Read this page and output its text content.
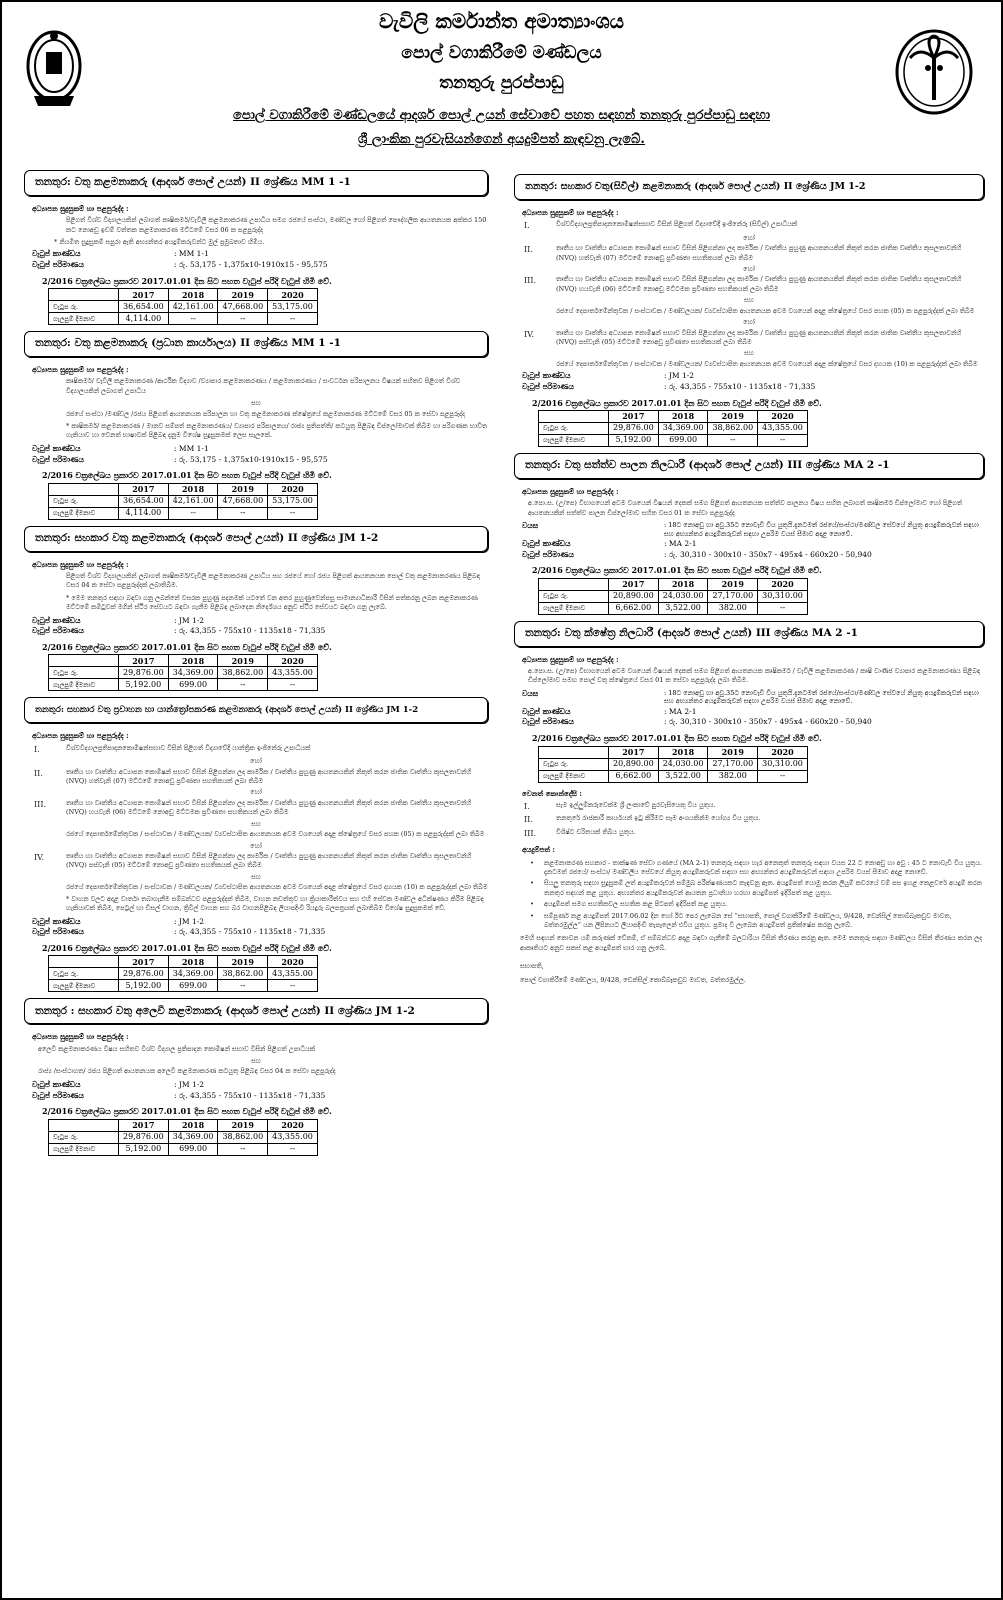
වැවිලි කර්මාන්ත අමාත්‍යාංශය
පොල් වගාකිරීමේ මණ්ඩලය
තනතුරු පුරප්පාඩු
පොල් වගාකිරීමේ මණ්ඩලයේ ආදර්ශ පොල් උයන් සේවාවේ පහත සඳහන් තනතුරු පුරප්පාඩු සඳහා
ශ්‍රී ලාංකික පුරවැසියන්ගෙන් අයදුම්පත් කැඳවනු ලැබේ.
තනතුර: වතු කළමනාකරු (ආදර්ශ පොල් උයන්) II ශ්‍රේණිය MM 1 -1
අධ්‍යාපන සුදුසුකම් හා පළපුරුද්ද :
පිළිගත් විශ්ව විද්‍යාලයකින් ලබාගත් කෘෂිකර්ම/වැවිලි කළමනාකරණ උපාධිය සමග රජයේ සංස්ථා, මණ්ඩල හෝ පිළිගත් පෞද්ගලික ආයතනයක අක්කර 150 කට නොඅඩු ඉඩම් වත්තක කළමනාකරණ මට්ටමේ වසර 06 ක පළපුරුද්ද
* නියමිත සුදුසුකම් සපුරා ඇති අභ්‍යන්තර අයදුම්කරුවන්ට මුල් ප්‍රමුඛතාව හිමිය.
වැටුප් කාණ්ඩය	: MM 1-1
වැටුප් පරිමාණය	: රු. 53,175 - 1,375x10-1910x15 - 95,575
2/2016 චක්‍රලේඛය ප්‍රකාරව 2017.01.01 දින සිට පහත වැටුප් පරිදි වැටුප් හිමි වේ.
	2017	2018	2019	2020
වැටුප රු.	36,654.00	42,161.00	47,668.00	53,175.00
ගැලපුම් දීමනාව	4,114.00	--	--	--
තනතුර: වතු කළමනාකරු (ප්‍රධාන කාර්යාලය) II ශ්‍රේණිය MM 1 -1
අධ්‍යාපන සුදුසුකම් හා පළපුරුද්ද :
කෘෂිකර්ම/ වැවිලි කළමනාකරණ /ආර්ථික විද්‍යාව /ව්‍යාපාර කළමනාකරණය / කළමනාකරණය / සංවර්ධන පරිපාලනය විෂයක් සහිතව පිළිගත් විශ්ව විද්‍යාලයකින් ලබාගත් උපාධිය
සහ
රජයේ සංස්ථා /මණ්ඩල /රජය පිළිගත් ආයතනයක පරිපාලන හා වතු කළමනාකරණ ක්ෂේත්‍රයේ කළමනාකරණ මට්ටමේ වසර 05 ක සේවා පළපුරුද්ද
* කෘෂිකර්ම/ කළමනාකරණ / මානව සම්පත් කළමනාකරණය/ ව්‍යාපාර පරිපාලනය/ රාජ්‍ය ප්‍රතිපත්ති/ කටයුතු පිළිබඳ ඩිප්ලෝමාවක් තිබීම හා පරිගණක භාවිත හැකියාව හා වෙනත් භාෂාවක් පිළිබඳ දැනුම විශේෂ සුදුසුකමක් ලෙස සැලකේ.
වැටුප් කාණ්ඩය	: MM 1-1
වැටුප් පරිමාණය	: රු. 53,175 - 1,375x10-1910x15 - 95,575
2/2016 චක්‍රලේඛය ප්‍රකාරව 2017.01.01 දින සිට පහත වැටුප් පරිදි වැටුප් හිමි වේ.
	2017	2018	2019	2020
වැටුප රු.	36,654.00	42,161.00	47,668.00	53,175.00
ගැලපුම් දීමනාව	4,114.00	--	--	--
තනතුර: සහකාර වතු කළමනාකරු (ආදර්ශ පොල් උයන්) II ශ්‍රේණිය JM 1-2
අධ්‍යාපන සුදුසුකම් හා පළපුරුද්ද :
පිළිගත් විශ්ව විද්‍යාලයකින් ලබාගත් කෘෂිකර්ම/වැවිලි කළමනාකරණ උපාධිය සහ රජයේ හෝ රජය පිළිගත් ආයතනයක පොල් වතු කළමනාකරණය පිළිබඳ වසර 04 ක සේවා පළපුරුද්දක් ලබාතිබීම.
* මෙම තනතුර සඳහා බඳවා ගනු ලබන්නේ වසරක පුහුණු පදනමක් යටතේ වන අතර පුහුණුවෙන්පසු සාමාන්‍යාධිකාරී විසින් පත්කරනු ලබන කළමනාකරණ මට්ටමේ කමිටුවක් මගින් ස්ථිර සේවයට බඳවා ගැනීම පිළිබඳ ලබාදෙන නිර්දේශය අනුව ස්ථිර සේවයට බඳවා ගනු ලැබේ.
වැටුප් කාණ්ඩය	: JM 1-2
වැටුප් පරිමාණය	: රු. 43,355 - 755x10 - 1135x18 - 71,335
2/2016 චක්‍රලේඛය ප්‍රකාරව 2017.01.01 දින සිට පහත වැටුප් පරිදි වැටුප් හිමි වේ.
	2017	2018	2019	2020
වැටුප රු.	29,876.00	34,369.00	38,862.00	43,355.00
ගැලපුම් දීමනාව	5,192.00	699.00	--	--
තනතුර: සහකාර වතු ප්‍රවාහන හා යාන්ත්‍රෝපකරණ කළමනාකරු (ආදර්ශ පොල් උයන්) II ශ්‍රේණිය JM 1-2
අධ්‍යාපන සුදුසුකම් හා පළපුරුද්ද :
I.	විශ්වවිද්‍යාලප්‍රතිපාදනකොමිෂන්සභාව විසින් පිළිගත් විද්‍යාවේදී යාන්ත්‍රික ඉංජිනේරු උපාධියක්
හෝ
II.	තෘතීය හා වෘත්තීය අධ්‍යාපන කොමිෂන් සභාව විසින් පිළිගන්නා ලද කාර්මික / වෘත්තීය පුහුණු ආයතනයකින් නිකුත් කරන ජාතික වෘත්තීය කුසලතාවන්හි (NVQ) හත්වැනි (07) මට්ටමේ නොඅඩු ප්‍රවීණතා සහතිකයක් ලබා තිබීම
හෝ
III.	තෘතීය හා වෘත්තීය අධ්‍යාපන කොමිෂන් සභාව විසින් පිළිගන්නා ලද කාර්මික / වෘත්තීය පුහුණු ආයතනයකින් නිකුත් කරන ජාතික වෘත්තීය කුසලතාවන්හි (NVQ) හයවැනි (06) මට්ටමේ නොඅඩු මට්ටමක ප්‍රවීණතා සහතිකයක් ලබා තිබීම
සහ
රජයේ දෙපාර්තමේන්තුවක / සංස්ථාවක / මණ්ඩලයක/ ව්‍යවස්ථාපිත ආයතනයක අවම වශයෙන් අදාළ ක්ෂේත්‍රයේ වසර පහක (05) ක පළපුරුද්දක් ලබා තිබීම
හෝ
IV.	තෘතීය හා වෘත්තීය අධ්‍යාපන කොමිෂන් සභාව විසින් පිළිගන්නා ලද කාර්මික / වෘත්තීය පුහුණු ආයතනයකින් නිකුත් කරන ජාතික වෘත්තීය කුසලතාවන්හි (NVQ) පස්වැනි (05) මට්ටමේ නොඅඩු ප්‍රවීණතා සහතිකයක් ලබා තිබීම
සහ
රජයේ දෙපාර්තමේන්තුවක / සංස්ථාවක / මණ්ඩලයක/ ව්‍යවස්ථාපිත ආයතනයක අවම වශයෙන් අදාළ ක්ෂේත්‍රයේ වසර දහයක (10) ක පළපුරුද්දක් ලබා තිබීම
* වාහන වලට අදාළ වාර්තා තබාගැනීම සම්බන්ධව පළපුරුද්දක් තිබීම, වාහන නඩත්තුව හා ක්‍රියාකාරීත්වය සහ එහි සේවක මණ්ඩල අධීක්ෂණය කිරීම පිළිබඳ හැකියාවක් තිබීම, පෙට්‍රල් හා ඩීසල් වාහන, ත්‍රිවිල් වාහන සහ බර වාහනපිළිබඳ ලියාපදිංචි රියදුරු බලපත්‍රයක් ලබාතිබීම විශේෂ සුදුසුකමක් වේ.
වැටුප් කාණ්ඩය	: JM 1-2
වැටුප් පරිමාණය	: රු. 43,355 - 755x10 - 1135x18 - 71,335
2/2016 චක්‍රලේඛය ප්‍රකාරව 2017.01.01 දින සිට පහත වැටුප් පරිදි වැටුප් හිමි වේ.
	2017	2018	2019	2020
වැටුප රු.	29,876.00	34,369.00	38,862.00	43,355.00
ගැලපුම් දීමනාව	5,192.00	699.00	--	--
තනතුර : සහකාර වතු අලෙවි කළමනාකරු (ආදර්ශ පොල් උයන්) II ශ්‍රේණිය JM 1-2
අධ්‍යාපන සුදුසුකම් හා පළපුරුද්ද :
අලෙවි කළමනාකරණය විෂය සහිතව විශ්ව විද්‍යාල ප්‍රතිපාදන කොමිෂන් සභාව විසින් පිළිගත් උපාධියක්
සහ
රාජ්‍ය /සංස්ථාගත/ රජය පිළිගත් ආයතනයක අලෙවි කළමනාකරණ කටයුතු පිළිබඳ වසර 04 ක සේවා පළපුරුද්ද
වැටුප් කාණ්ඩය	: JM 1-2
වැටුප් පරිමාණය	: රු. 43,355 - 755x10 - 1135x18 - 71,335
2/2016 චක්‍රලේඛය ප්‍රකාරව 2017.01.01 දින සිට පහත වැටුප් පරිදි වැටුප් හිමි වේ.
	2017	2018	2019	2020
වැටුප රු.	29,876.00	34,369.00	38,862.00	43,355.00
ගැලපුම් දීමනාව	5,192.00	699.00	--	--
තනතුර: සහකාර වතු(සිවිල්) කළමනාකරු (ආදර්ශ පොල් උයන්) II ශ්‍රේණිය JM 1-2
අධ්‍යාපන සුදුසුකම් හා පළපුරුද්ද :
I.	විශ්වවිද්‍යාලප්‍රතිපාදනකොමිෂන්සභාව විසින් පිළිගත් විද්‍යාවේදී ඉංජිනේරු (සිවිල්) උපාධියක්
හෝ
II.	තෘතීය හා වෘත්තීය අධ්‍යාපන කොමිෂන් සභාව විසින් පිළිගන්නා ලද කාර්මික / වෘත්තීය පුහුණු ආයතනයකින් නිකුත් කරන ජාතික වෘත්තීය කුසලතාවන්හි (NVQ) හත්වැනි (07) මට්ටමේ නොඅඩු ප්‍රවීණතා සහතිකයක් ලබා තිබීම
හෝ
III.	තෘතීය හා වෘත්තීය අධ්‍යාපන කොමිෂන් සභාව විසින් පිළිගන්නා ලද කාර්මික / වෘත්තීය පුහුණු ආයතනයකින් නිකුත් කරන ජාතික වෘත්තීය කුසලතාවන්හි (NVQ) හයවැනි (06) මට්ටමේ නොඅඩු මට්ටමක ප්‍රවීණතා සහතිකයක් ලබා තිබීම
සහ
රජයේ දෙපාර්තමේන්තුවක / සංස්ථාවක / මණ්ඩලයක/ ව්‍යවස්ථාපිත ආයතනයක අවම වශයෙන් අදාළ ක්ෂේත්‍රයේ වසර පහක (05) ක පළපුරුද්දක් ලබා තිබීම
හෝ
IV.	තෘතීය හා වෘත්තීය අධ්‍යාපන කොමිෂන් සභාව විසින් පිළිගන්නා ලද කාර්මික / වෘත්තීය පුහුණු ආයතනයකින් නිකුත් කරන ජාතික වෘත්තීය කුසලතාවන්හි (NVQ) පස්වැනි (05) මට්ටමේ නොඅඩු ප්‍රවීණතා සහතිකයක් ලබා තිබීම
සහ
රජයේ දෙපාර්තමේන්තුවක / සංස්ථාවක / මණ්ඩලයක/ ව්‍යවස්ථාපිත ආයතනයක අවම වශයෙන් අදාළ ක්ෂේත්‍රයේ වසර දහයක (10) ක පළපුරුද්දක් ලබා තිබීම
වැටුප් කාණ්ඩය	: JM 1-2
වැටුප් පරිමාණය	: රු. 43,355 - 755x10 - 1135x18 - 71,335
2/2016 චක්‍රලේඛය ප්‍රකාරව 2017.01.01 දින සිට පහත වැටුප් පරිදි වැටුප් හිමි වේ.
	2017	2018	2019	2020
වැටුප රු.	29,876.00	34,369.00	38,862.00	43,355.00
ගැලපුම් දීමනාව	5,192.00	699.00	--	--
තනතුර: වතු සත්ත්ව පාලන නිලධාරී (ආදර්ශ පොල් උයන්) III ශ්‍රේණිය MA 2 -1
අධ්‍යාපන සුදුසුකම් හා පළපුරුද්ද :
අ.පො.ස. (උ/පෙ) විභාගයෙන් අවම වශයෙන් විෂයන් දෙකක් සමග පිළිගත් ආයතනයක සත්ත්ව පාලනය විෂය සහිත ලබාගත් කෘෂිකර්ම ඩිප්ලෝමාව හෝ පිළිගත් ආයතනයකින් සත්ත්ව පාලන ඩිප්ලෝමාව සහිත වසර 01 ක සේවා පළපුරුද්ද
වයස	: 18ට නොඅඩු හා අවු.35ට නොවැඩි විය යුතුයි.දැනටමත් රජයේ/සංස්ථා/මණ්ඩල සේවයේ නියුතු අයදුම්කරුවන් සඳහා සහ අභ්‍යන්තර අයදුම්කරුවන් සඳහා උපරිම වයස් සීමාව අදාළ නොවේ.
වැටුප් කාණ්ඩය	: MA 2-1
වැටුප් පරිමාණය	: රු. 30,310 - 300x10 - 350x7 - 495x4 - 660x20 - 50,940
2/2016 චක්‍රලේඛය ප්‍රකාරව 2017.01.01 දින සිට පහත වැටුප් පරිදි වැටුප් හිමි වේ.
	2017	2018	2019	2020
වැටුප රු.	20,890.00	24,030.00	27,170.00	30,310.00
ගැලපුම් දීමනාව	6,662.00	3,522.00	382.00	--
තනතුර: වතු ක්ෂේත්‍ර නිලධාරී (ආදර්ශ පොල් උයන්) III ශ්‍රේණිය MA 2 -1
අධ්‍යාපන සුදුසුකම් හා පළපුරුද්ද :
අ.පො.ස. (උ/පෙ) විභාගයෙන් අවම වශයෙන් විෂයන් දෙකක් සමග පිළිගත් ආයතනයක කෘෂිකර්ම / වැවිලි කළමනාකරණ / කෘෂි වාණිජ ව්‍යාපාර කළමනාකරණය පිළිබඳ ඩිප්ලෝමාව සමඟ පොල් වතු ක්ෂේත්‍රයේ වසර 01 ක සේවා පළපුරුද්ද ලබා තිබීම.
වයස	: 18ට නොඅඩු හා අවු.35ට නොවැඩි විය යුතුයි.දැනටමත් රජයේ/සංස්ථා/මණ්ඩල සේවයේ නියුතු අයදුම්කරුවන් සඳහා සහ අභ්‍යන්තර අයදුම්කරුවන් සඳහා උපරිම වයස් සීමාව අදාළ නොවේ.
වැටුප් කාණ්ඩය	: MA 2-1
වැටුප් පරිමාණය	: රු. 30,310 - 300x10 - 350x7 - 495x4 - 660x20 - 50,940
2/2016 චක්‍රලේඛය ප්‍රකාරව 2017.01.01 දින සිට පහත වැටුප් පරිදි වැටුප් හිමි වේ.
	2017	2018	2019	2020
වැටුප රු.	20,890.00	24,030.00	27,170.00	30,310.00
ගැලපුම් දීමනාව	6,662.00	3,522.00	382.00	--
වෙනත් කොන්දේසි :
I.	සැම ඉල්ලුම්කරුවෙක්ම ශ්‍රී ලංකාවේ පුරවැසියෙකු විය යුතුය.
II.	තනතුරේ රාජකාරී කාර්යයන් ඉටු කිරීමට සෑම අංශයකින්ම යෝග්‍ය විය යුතුය.
III.	විශිෂ්ට චරිතයක් තිබිය යුතුය.
අයදුම්පත් :
•	කළමනාකරණ සහකාර - තාක්ෂණ සේවා ගණයේ (MA 2-1) තනතුරු සඳහා හැර අනෙකුත් තනතුරු සඳහා වයස 22 ට නොඅඩු හා අවු : 45 ට නොවැඩි විය යුතුය. දැනටමත් රජයේ/ සංස්ථා/ මණ්ඩලීය සේවයේ නියුතු අයදුම්කරුවන් සඳහා සහ අභ්‍යන්තර අයදුම්කරුවන් සඳහා උපරිම වයස් සීමාව අදාළ නොවේ.
•	සියලු තනතුරු සඳහා සුදුසුකම් ලත් අයදුම්කරුවන් සම්මුඛ පරීක්ෂණයකට කැඳවනු ඇත. අයදුම්පත් යොමු කරන ලියුම් කවරයේ වම් පස ඉහළ කෙළවරේ අයදුම් කරන තනතුර සඳහන් කළ යුතුය. අභ්‍යන්තර අයදුම්කරුවන් ආයතන ප්‍රධානියා හරහා අයදුම්පත් ඉදිරිපත් කළ යුතුය.
•	අයදුම්පත් සමග සහතිකවල සහතික කළ පිටපත් ඉදිරිපත් කළ යුතුය.
•	සම්පූර්ණ කළ අයදුම්පත් 2017.06.02 දින හෝ ඊට පෙර ලැබෙන සේ “සභාපති, පොල් වගාකිරීමේ මණ්ඩලය, 9/428, ඩෙන්සිල් කොබ්බෑකඩුව මාවත, බත්තරමුල්ල” යන ලිපිනයට ලියාපදිංචි තැපෑලෙන් එවිය යුතුය. ප්‍රමාද වී ලැබෙන අයදුම්පත් ප්‍රතික්ෂේප කරනු ලැබේ.
මෙහි සඳහන් නොවන යම් කරුණක් වේනම්, ඒ සම්බන්ධව අදාළ බඳවා ගැනීමේ බලධාරියා විසින් තීරණය කරනු ඇත. මෙම තනතුරු සඳහා මණ්ඩලය විසින් තීරණය කරන ලද ආකෘතියට අනුව සකස් කළ අයදුම්පත් භාර ගනු ලැබේ.
සභාපති,
පොල් වගාකිරීමේ මණ්ඩලය, 9/428, ඩෙන්සිල් කොබ්බෑකඩුව මාවත, බත්තරමුල්ල.
